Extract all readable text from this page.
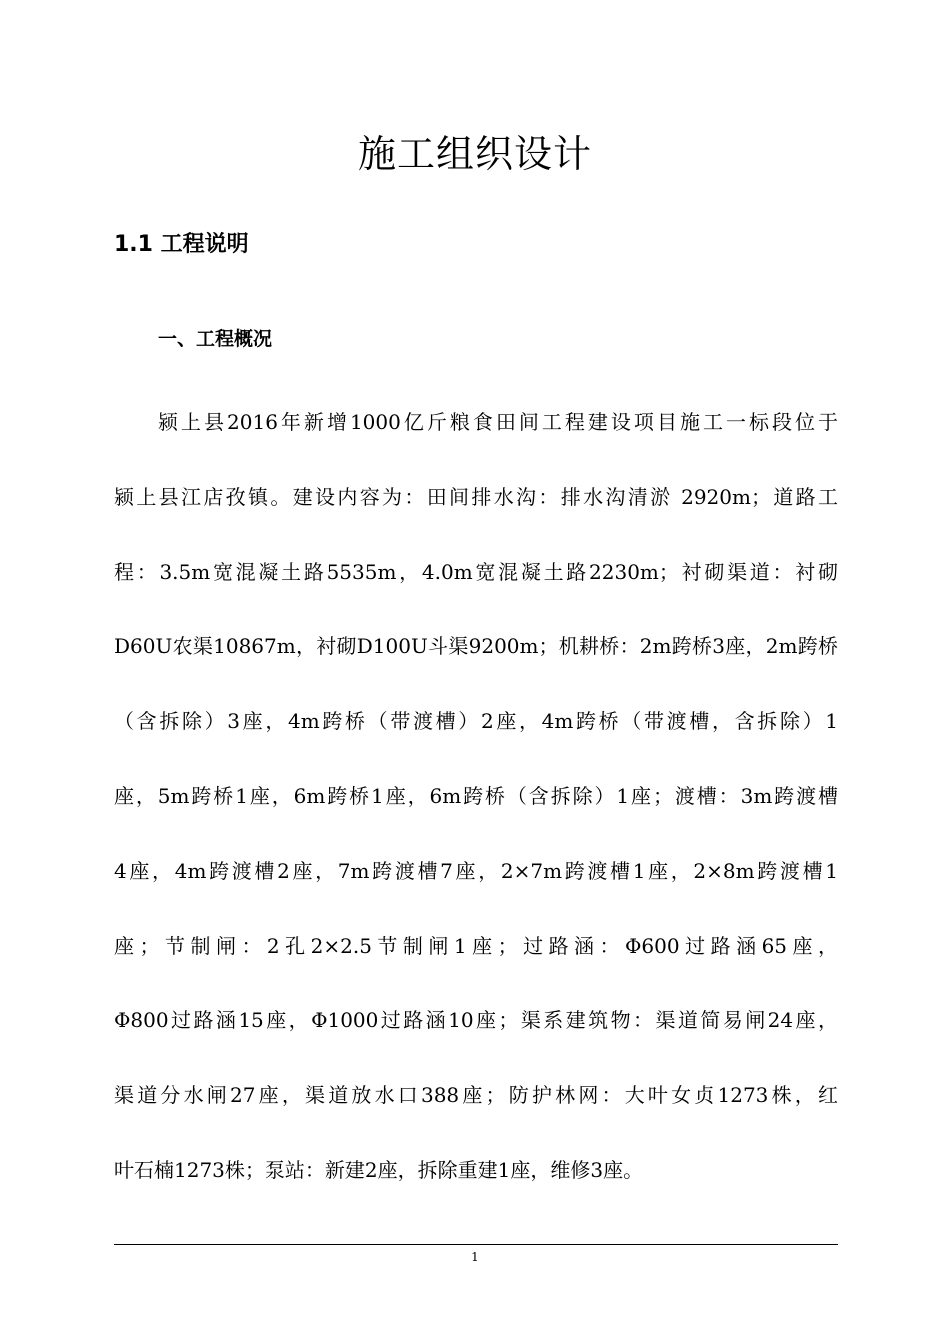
施工组织设计
1.1 工程说明
一、工程概况
颍上县2016年新增1000亿斤粮食田间工程建设项目施工一标段位于
颍上县江店孜镇。建设内容为：田间排水沟：排水沟清淤 2920m；道路工
程：3.5m宽混凝土路5535m，4.0m宽混凝土路2230m；衬砌渠道：衬砌
D60U农渠10867m，衬砌D100U斗渠9200m；机耕桥：2m跨桥3座，2m跨桥
（含拆除）3座，4m跨桥（带渡槽）2座，4m跨桥（带渡槽，含拆除）1
座，5m跨桥1座，6m跨桥1座，6m跨桥（含拆除）1座；渡槽：3m跨渡槽
4座，4m跨渡槽2座，7m跨渡槽7座，2×7m跨渡槽1座，2×8m跨渡槽1
座；节制闸：2孔2×2.5节制闸1座；过路涵：Φ600过路涵65座，
Φ800过路涵15座，Φ1000过路涵10座；渠系建筑物：渠道简易闸24座，
渠道分水闸27座，渠道放水口388座；防护林网：大叶女贞1273株，红
叶石楠1273株；泵站：新建2座，拆除重建1座，维修3座。
1
